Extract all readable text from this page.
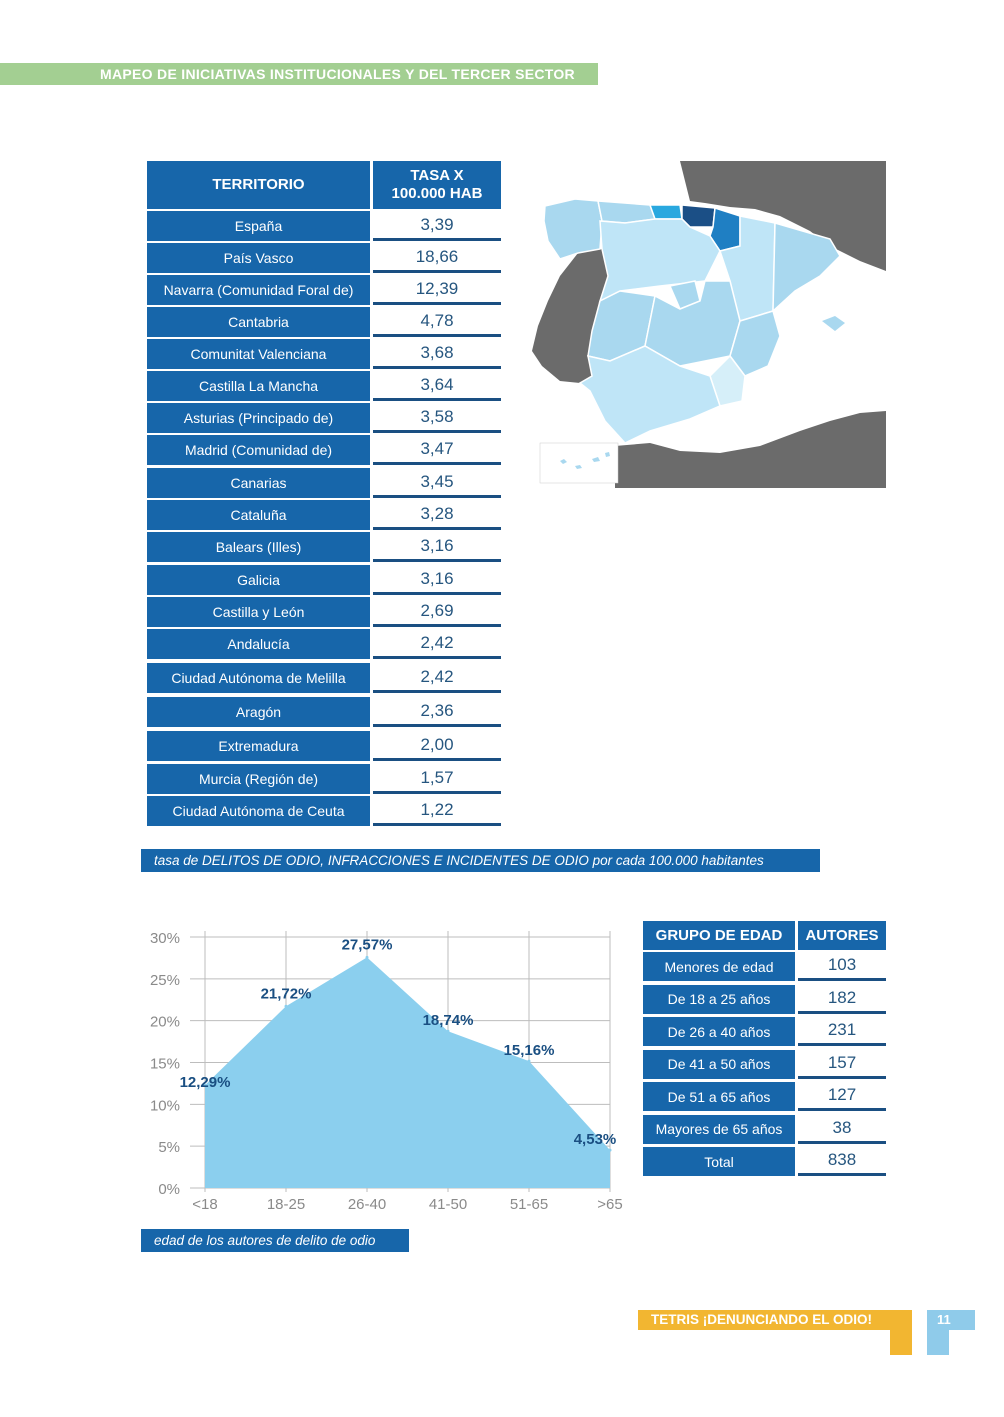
MAPEO DE INICIATIVAS INSTITUCIONALES Y DEL TERCER SECTOR
TERRITORIO
TASA X
100.000 HAB
España	3,39
País Vasco	18,66
Navarra (Comunidad Foral de)	12,39
Cantabria	4,78
Comunitat Valenciana	3,68
Castilla La Mancha	3,64
Asturias (Principado de)	3,58
Madrid (Comunidad de)	3,47
Canarias	3,45
Cataluña	3,28
Balears (Illes)	3,16
Galicia	3,16
Castilla y León	2,69
Andalucía	2,42
Ciudad Autónoma de Melilla	2,42
Aragón	2,36
Extremadura	2,00
Murcia (Región de)	1,57
Ciudad Autónoma de Ceuta	1,22
tasa de DELITOS DE ODIO, INFRACCIONES E INCIDENTES DE ODIO por cada 100.000 habitantes
0%
5%
10%
15%
20%
25%
30%
<18	18-25	26-40	41-50	51-65	>65
12,29%
21,72%
27,57%
18,74%
15,16%
4,53%
edad de los autores de delito de odio
GRUPO DE EDAD	AUTORES
Menores de edad	103
De 18 a 25 años	182
De 26 a 40 años	231
De 41 a 50 años	157
De 51 a 65 años	127
Mayores de 65 años	38
Total	838
TETRIS ¡DENUNCIANDO EL ODIO!	11
